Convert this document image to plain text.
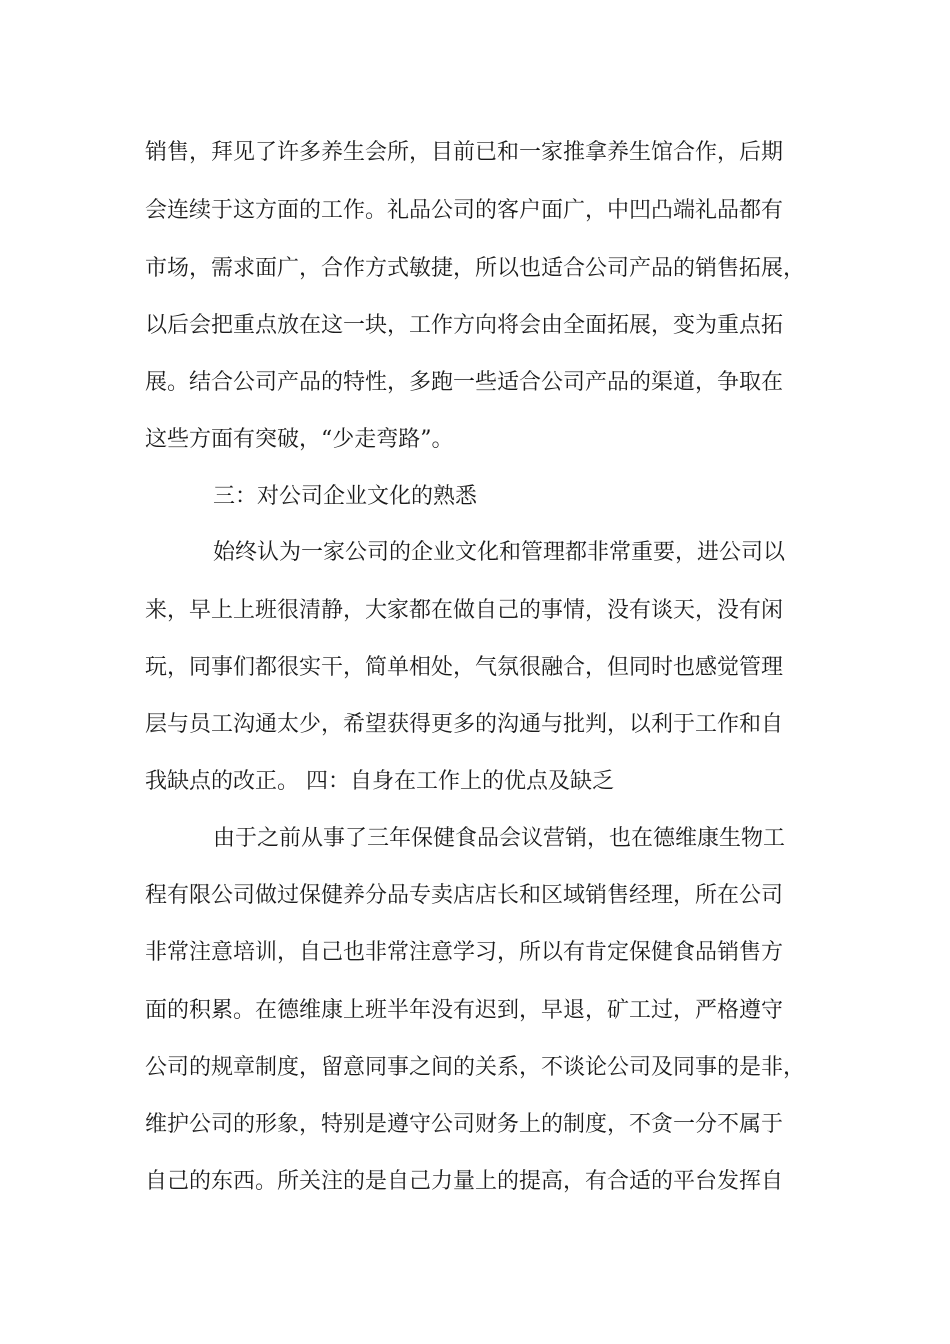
销售，拜见了许多养生会所，目前已和一家推拿养生馆合作，后期
会连续于这方面的工作。礼品公司的客户面广，中凹凸端礼品都有
市场，需求面广，合作方式敏捷，所以也适合公司产品的销售拓展，
以后会把重点放在这一块，工作方向将会由全面拓展，变为重点拓
展。结合公司产品的特性，多跑一些适合公司产品的渠道，争取在
这些方面有突破，“少走弯路”。
三：对公司企业文化的熟悉
始终认为一家公司的企业文化和管理都非常重要，进公司以
来，早上上班很清静，大家都在做自己的事情，没有谈天，没有闲
玩，同事们都很实干，简单相处，气氛很融合，但同时也感觉管理
层与员工沟通太少，希望获得更多的沟通与批判，以利于工作和自
我缺点的改正。 四：自身在工作上的优点及缺乏
由于之前从事了三年保健食品会议营销，也在德维康生物工
程有限公司做过保健养分品专卖店店长和区域销售经理，所在公司
非常注意培训，自己也非常注意学习，所以有肯定保健食品销售方
面的积累。在德维康上班半年没有迟到，早退，矿工过，严格遵守
公司的规章制度，留意同事之间的关系，不谈论公司及同事的是非，
维护公司的形象，特别是遵守公司财务上的制度，不贪一分不属于
自己的东西。所关注的是自己力量上的提高，有合适的平台发挥自
